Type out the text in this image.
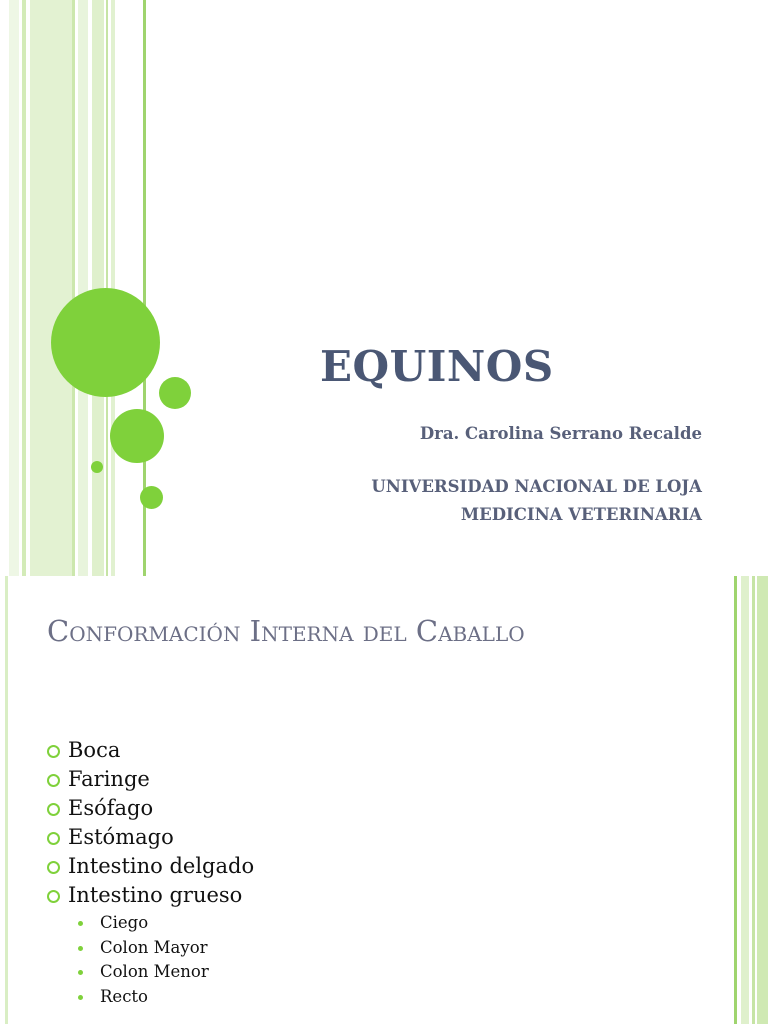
EQUINOS

Dra. Carolina Serrano Recalde

UNIVERSIDAD NACIONAL DE LOJA

MEDICINA VETERINARIA

Conformación Interna del Caballo
Boca
Faringe
Esófago
Estómago
Intestino delgado
Intestino grueso
Ciego
Colon Mayor
Colon Menor
Recto
